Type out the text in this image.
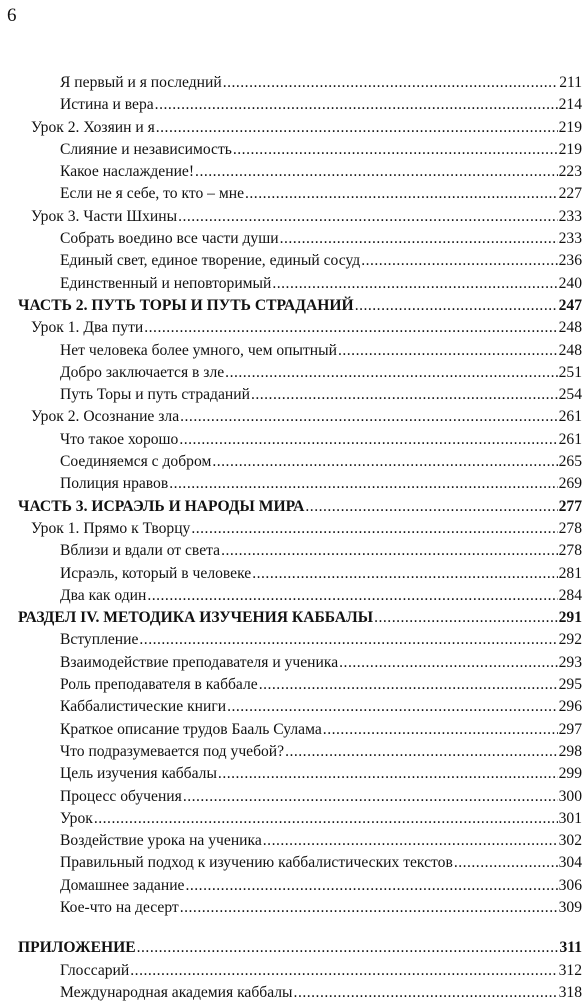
6
Я первый и я последний .....	211
Истина и вера .....	214
Урок 2. Хозяин и я .....	219
Слияние и независимость .....	219
Какое наслаждение! .....	223
Если не я себе, то кто – мне .....	227
Урок 3. Части Шхины .....	233
Собрать воедино все части души .....	233
Единый свет, единое творение, единый сосуд .....	236
Единственный и неповторимый .....	240
ЧАСТЬ 2. ПУТЬ ТОРЫ И ПУТЬ СТРАДАНИЙ .....	247
Урок 1. Два пути .....	248
Нет человека более умного, чем опытный .....	248
Добро заключается в зле .....	251
Путь Торы и путь страданий .....	254
Урок 2. Осознание зла .....	261
Что такое хорошо .....	261
Соединяемся с добром .....	265
Полиция нравов .....	269
ЧАСТЬ 3. ИСРАЭЛЬ И НАРОДЫ МИРА .....	277
Урок 1. Прямо к Творцу .....	278
Вблизи и вдали от света .....	278
Исраэль, который в человеке .....	281
Два как один .....	284
РАЗДЕЛ IV. МЕТОДИКА ИЗУЧЕНИЯ КАББАЛЫ .....	291
Вступление .....	292
Взаимодействие преподавателя и ученика .....	293
Роль преподавателя в каббале .....	295
Каббалистические книги .....	296
Краткое описание трудов Бааль Сулама .....	297
Что подразумевается под учебой? .....	298
Цель изучения каббалы .....	299
Процесс обучения .....	300
Урок .....	301
Воздействие урока на ученика .....	302
Правильный подход к изучению каббалистических текстов .....	304
Домашнее задание .....	306
Кое-что на десерт .....	309
ПРИЛОЖЕНИЕ .....	311
Глоссарий .....	312
Международная академия каббалы .....	318
